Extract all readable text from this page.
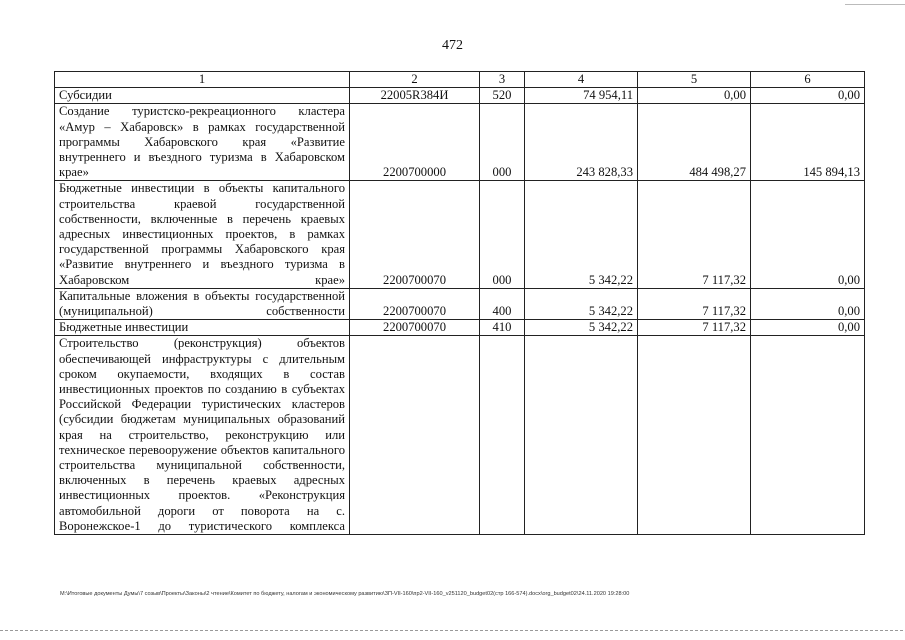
472
1	2	3	4	5	6
Субсидии	22005R384И	520	74 954,11	0,00	0,00
Создание туристско-рекреационного кластера «Амур – Хабаровск» в рамках государственной программы Хабаровского края «Развитие внутреннего и въездного туризма в Хабаровском крае»	2200700000	000	243 828,33	484 498,27	145 894,13
Бюджетные инвестиции в объекты капитального строительства краевой государственной собственности, включенные в перечень краевых адресных инвестиционных проектов, в рамках государственной программы Хабаровского края «Развитие внутреннего и въездного туризма в Хабаровском крае»	2200700070	000	5 342,22	7 117,32	0,00
Капитальные вложения в объекты государственной (муниципальной) собственности	2200700070	400	5 342,22	7 117,32	0,00
Бюджетные инвестиции	2200700070	410	5 342,22	7 117,32	0,00
Строительство (реконструкция) объектов обеспечивающей инфраструктуры с длительным сроком окупаемости, входящих в состав инвестиционных проектов по созданию в субъектах Российской Федерации туристических кластеров (субсидии бюджетам муниципальных образований края на строительство, реконструкцию или техническое перевооружение объектов капитального строительства муниципальной собственности, включенных в перечень краевых адресных инвестиционных проектов. «Реконструкция автомобильной дороги от поворота на с. Воронежское-1 до туристического комплекса					
М:\Итоговые документы Думы\7 созыв\Проекты\Законы\2 чтение\Комитет по бюджету, налогам и экономическому развитию\ЗП-VII-160\пр2-VII-160_v251120_budget02(стр 166-574).docx\org_budget02\24.11.2020 19:28:00
